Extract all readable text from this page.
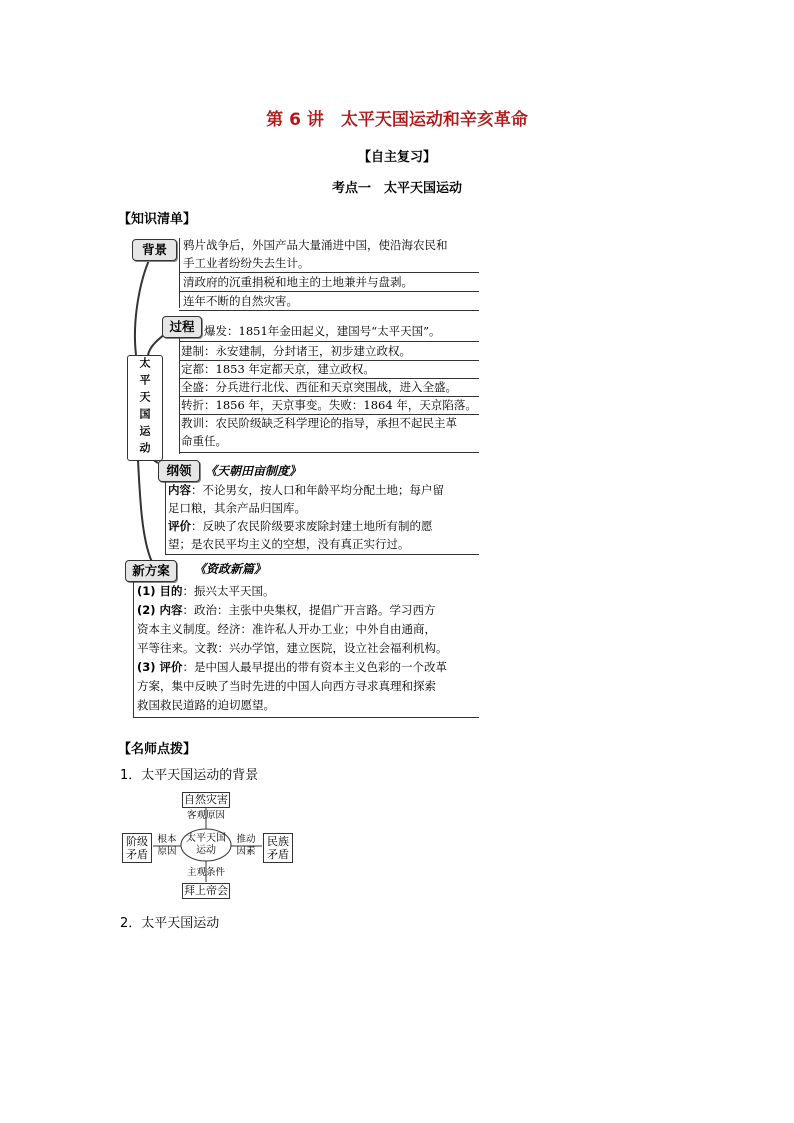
第 6 讲　太平天国运动和辛亥革命
【自主复习】
考点一　太平天国运动
【知识清单】
太平天国运动
背景	鸦片战争后，外国产品大量涌进中国，使沿海农民和
手工业者纷纷失去生计。
清政府的沉重捐税和地主的土地兼并与盘剥。
连年不断的自然灾害。
过程 爆发：1851年金田起义，建国号“太平天国”。
建制：永安建制，分封诸王，初步建立政权。
定都：1853 年定都天京，建立政权。
全盛：分兵进行北伐、西征和天京突围战，进入全盛。
转折：1856 年，天京事变。失败：1864 年，天京陷落。
教训：农民阶级缺乏科学理论的指导，承担不起民主革
命重任。
纲领	《天朝田亩制度》
内容：不论男女，按人口和年龄平均分配土地；每户留
足口粮，其余产品归国库。
评价：反映了农民阶级要求废除封建土地所有制的愿
望；是农民平均主义的空想，没有真正实行过。
新方案	《资政新篇》
(1) 目的：振兴太平天国。
(2) 内容：政治：主张中央集权，提倡广开言路。学习西方
资本主义制度。经济：准许私人开办工业；中外自由通商，
平等往来。文教：兴办学馆，建立医院，设立社会福利机构。
(3) 评价：是中国人最早提出的带有资本主义色彩的一个改革
方案，集中反映了当时先进的中国人向西方寻求真理和探索
救国救民道路的迫切愿望。
【名师点拨】
1．太平天国运动的背景
自然灾害
客观原因
阶级矛盾
根本原因
太平天国运动
推动因素
民族矛盾
主观条件
拜上帝会
2．太平天国运动
